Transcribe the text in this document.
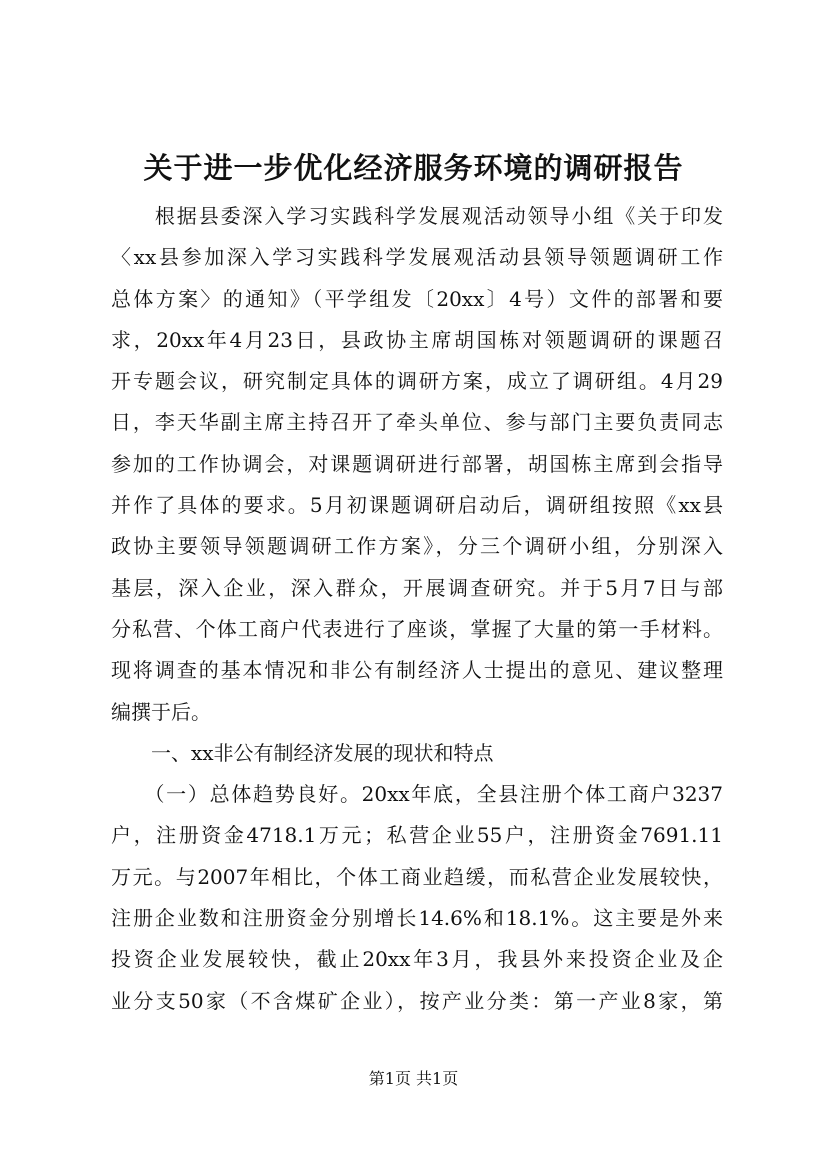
关于进一步优化经济服务环境的调研报告
　　根据县委深入学习实践科学发展观活动领导小组《关于印发
〈xx县参加深入学习实践科学发展观活动县领导领题调研工作
总体方案〉的通知》（平学组发〔20xx〕4号）文件的部署和要
求，20xx年4月23日，县政协主席胡国栋对领题调研的课题召
开专题会议，研究制定具体的调研方案，成立了调研组。4月29
日，李天华副主席主持召开了牵头单位、参与部门主要负责同志
参加的工作协调会，对课题调研进行部署，胡国栋主席到会指导
并作了具体的要求。5月初课题调研启动后，调研组按照《xx县
政协主要领导领题调研工作方案》，分三个调研小组，分别深入
基层，深入企业，深入群众，开展调查研究。并于5月7日与部
分私营、个体工商户代表进行了座谈，掌握了大量的第一手材料。
现将调查的基本情况和非公有制经济人士提出的意见、建议整理
编撰于后。
　　一、xx非公有制经济发展的现状和特点
　　（一）总体趋势良好。20xx年底，全县注册个体工商户3237
户，注册资金4718.1万元；私营企业55户，注册资金7691.11
万元。与2007年相比，个体工商业趋缓，而私营企业发展较快，
注册企业数和注册资金分别增长14.6%和18.1%。这主要是外来
投资企业发展较快，截止20xx年3月，我县外来投资企业及企
业分支50家（不含煤矿企业），按产业分类：第一产业8家，第
第1页 共1页
